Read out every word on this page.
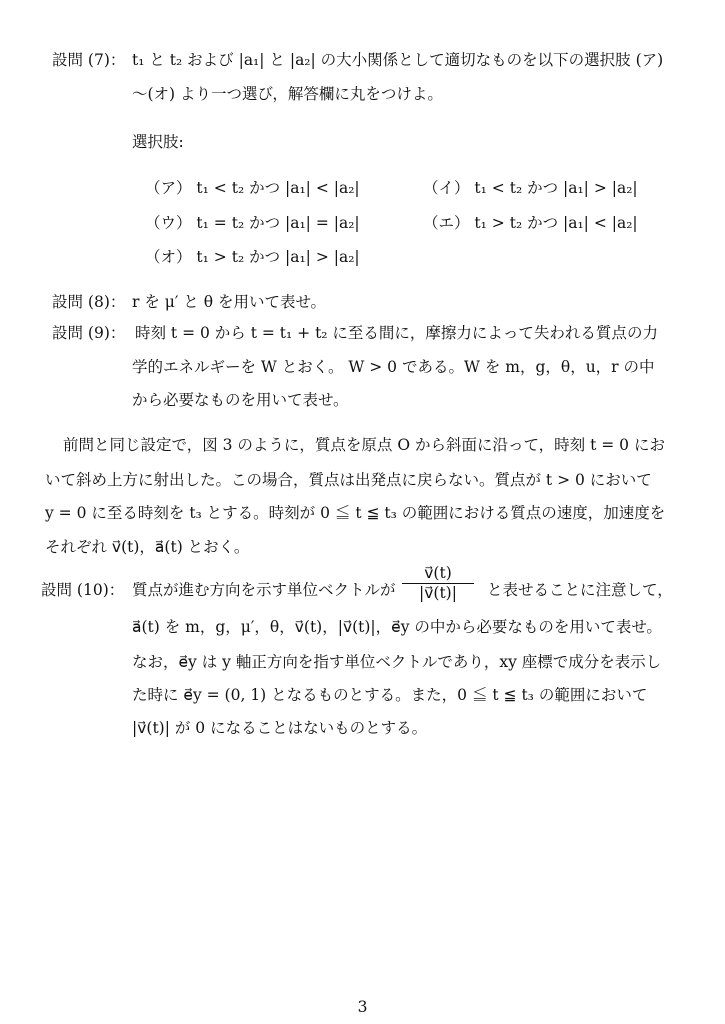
設問 (7)： t₁ と t₂ および |a₁| と |a₂| の大小関係として適切なものを以下の選択肢 (ア)
〜(オ) より一つ選び，解答欄に丸をつけよ。
選択肢:
（ア） t₁ < t₂ かつ |a₁| < |a₂|	（イ） t₁ < t₂ かつ |a₁| > |a₂|
（ウ） t₁ = t₂ かつ |a₁| = |a₂|	（エ） t₁ > t₂ かつ |a₁| < |a₂|
（オ） t₁ > t₂ かつ |a₁| > |a₂|
設問 (8)： r を μ′ と θ を用いて表せ。
設問 (9)： 時刻 t = 0 から t = t₁ + t₂ に至る間に，摩擦力によって失われる質点の力
学的エネルギーを W とおく。 W > 0 である。W を m，g，θ，u，r の中
から必要なものを用いて表せ。
前問と同じ設定で，図 3 のように，質点を原点 O から斜面に沿って，時刻 t = 0 にお
いて斜め上方に射出した。この場合，質点は出発点に戻らない。質点が t > 0 において
y = 0 に至る時刻を t₃ とする。時刻が 0 ≦ t ≦ t₃ の範囲における質点の速度，加速度を
それぞれ v⃗(t)，a⃗(t) とおく。
設問 (10)： 質点が進む方向を示す単位ベクトルが $\frac{v⃗(t)}{|v⃗(t)|}$ と表せることに注意して，
a⃗(t) を m，g，μ′，θ，v⃗(t)，|v⃗(t)|，e⃗y の中から必要なものを用いて表せ。
なお，e⃗y は y 軸正方向を指す単位ベクトルであり，xy 座標で成分を表示し
た時に e⃗y = (0, 1) となるものとする。また，0 ≦ t ≦ t₃ の範囲において
|v⃗(t)| が 0 になることはないものとする。
3
